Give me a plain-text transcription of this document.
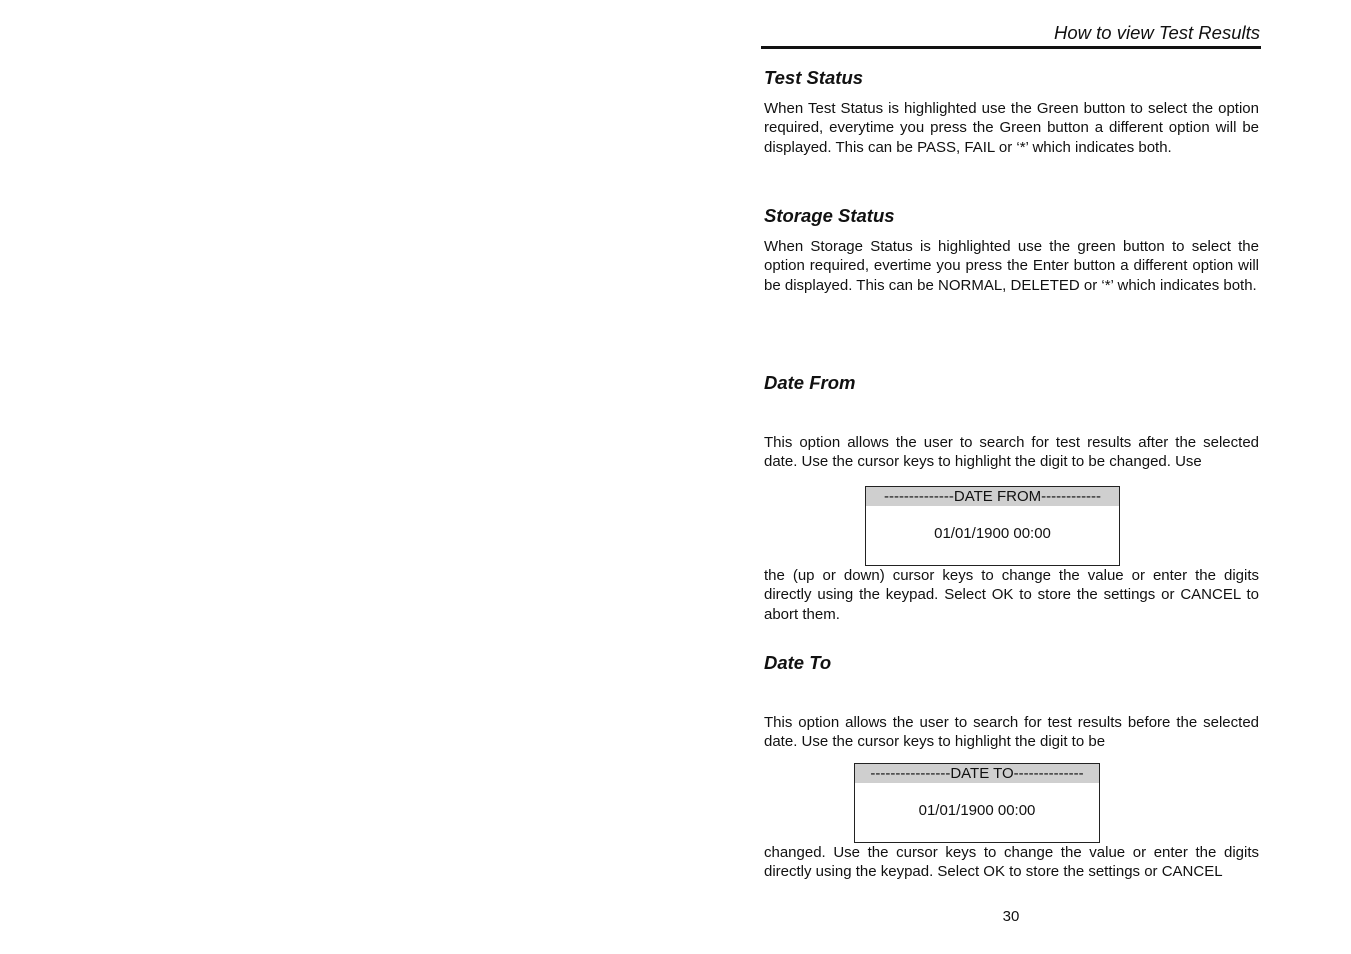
How to view Test Results
Test Status

When Test Status is highlighted use the Green button to select the option required, everytime you press the Green button a different option will be displayed. This can be PASS, FAIL or ‘*’ which indicates both.

Storage Status

When Storage Status is highlighted use the green button to select the option required, evertime you press the Enter button a different option will be displayed. This can be NORMAL, DELETED or ‘*’ which indicates both.

Date From

This option allows the user to search for test results after the selected date. Use the cursor keys to highlight the digit to be changed. Use

--------------DATE FROM------------
01/01/1900 00:00

the (up or down) cursor keys to change the value or enter the digits directly using the keypad. Select OK to store the settings or CANCEL to abort them.

Date To

This option allows the user to search for test results before the selected date. Use the cursor keys to highlight the digit to be

----------------DATE TO--------------
01/01/1900 00:00

changed. Use the cursor keys to change the value or enter the digits directly using the keypad. Select OK to store the settings or CANCEL

30
